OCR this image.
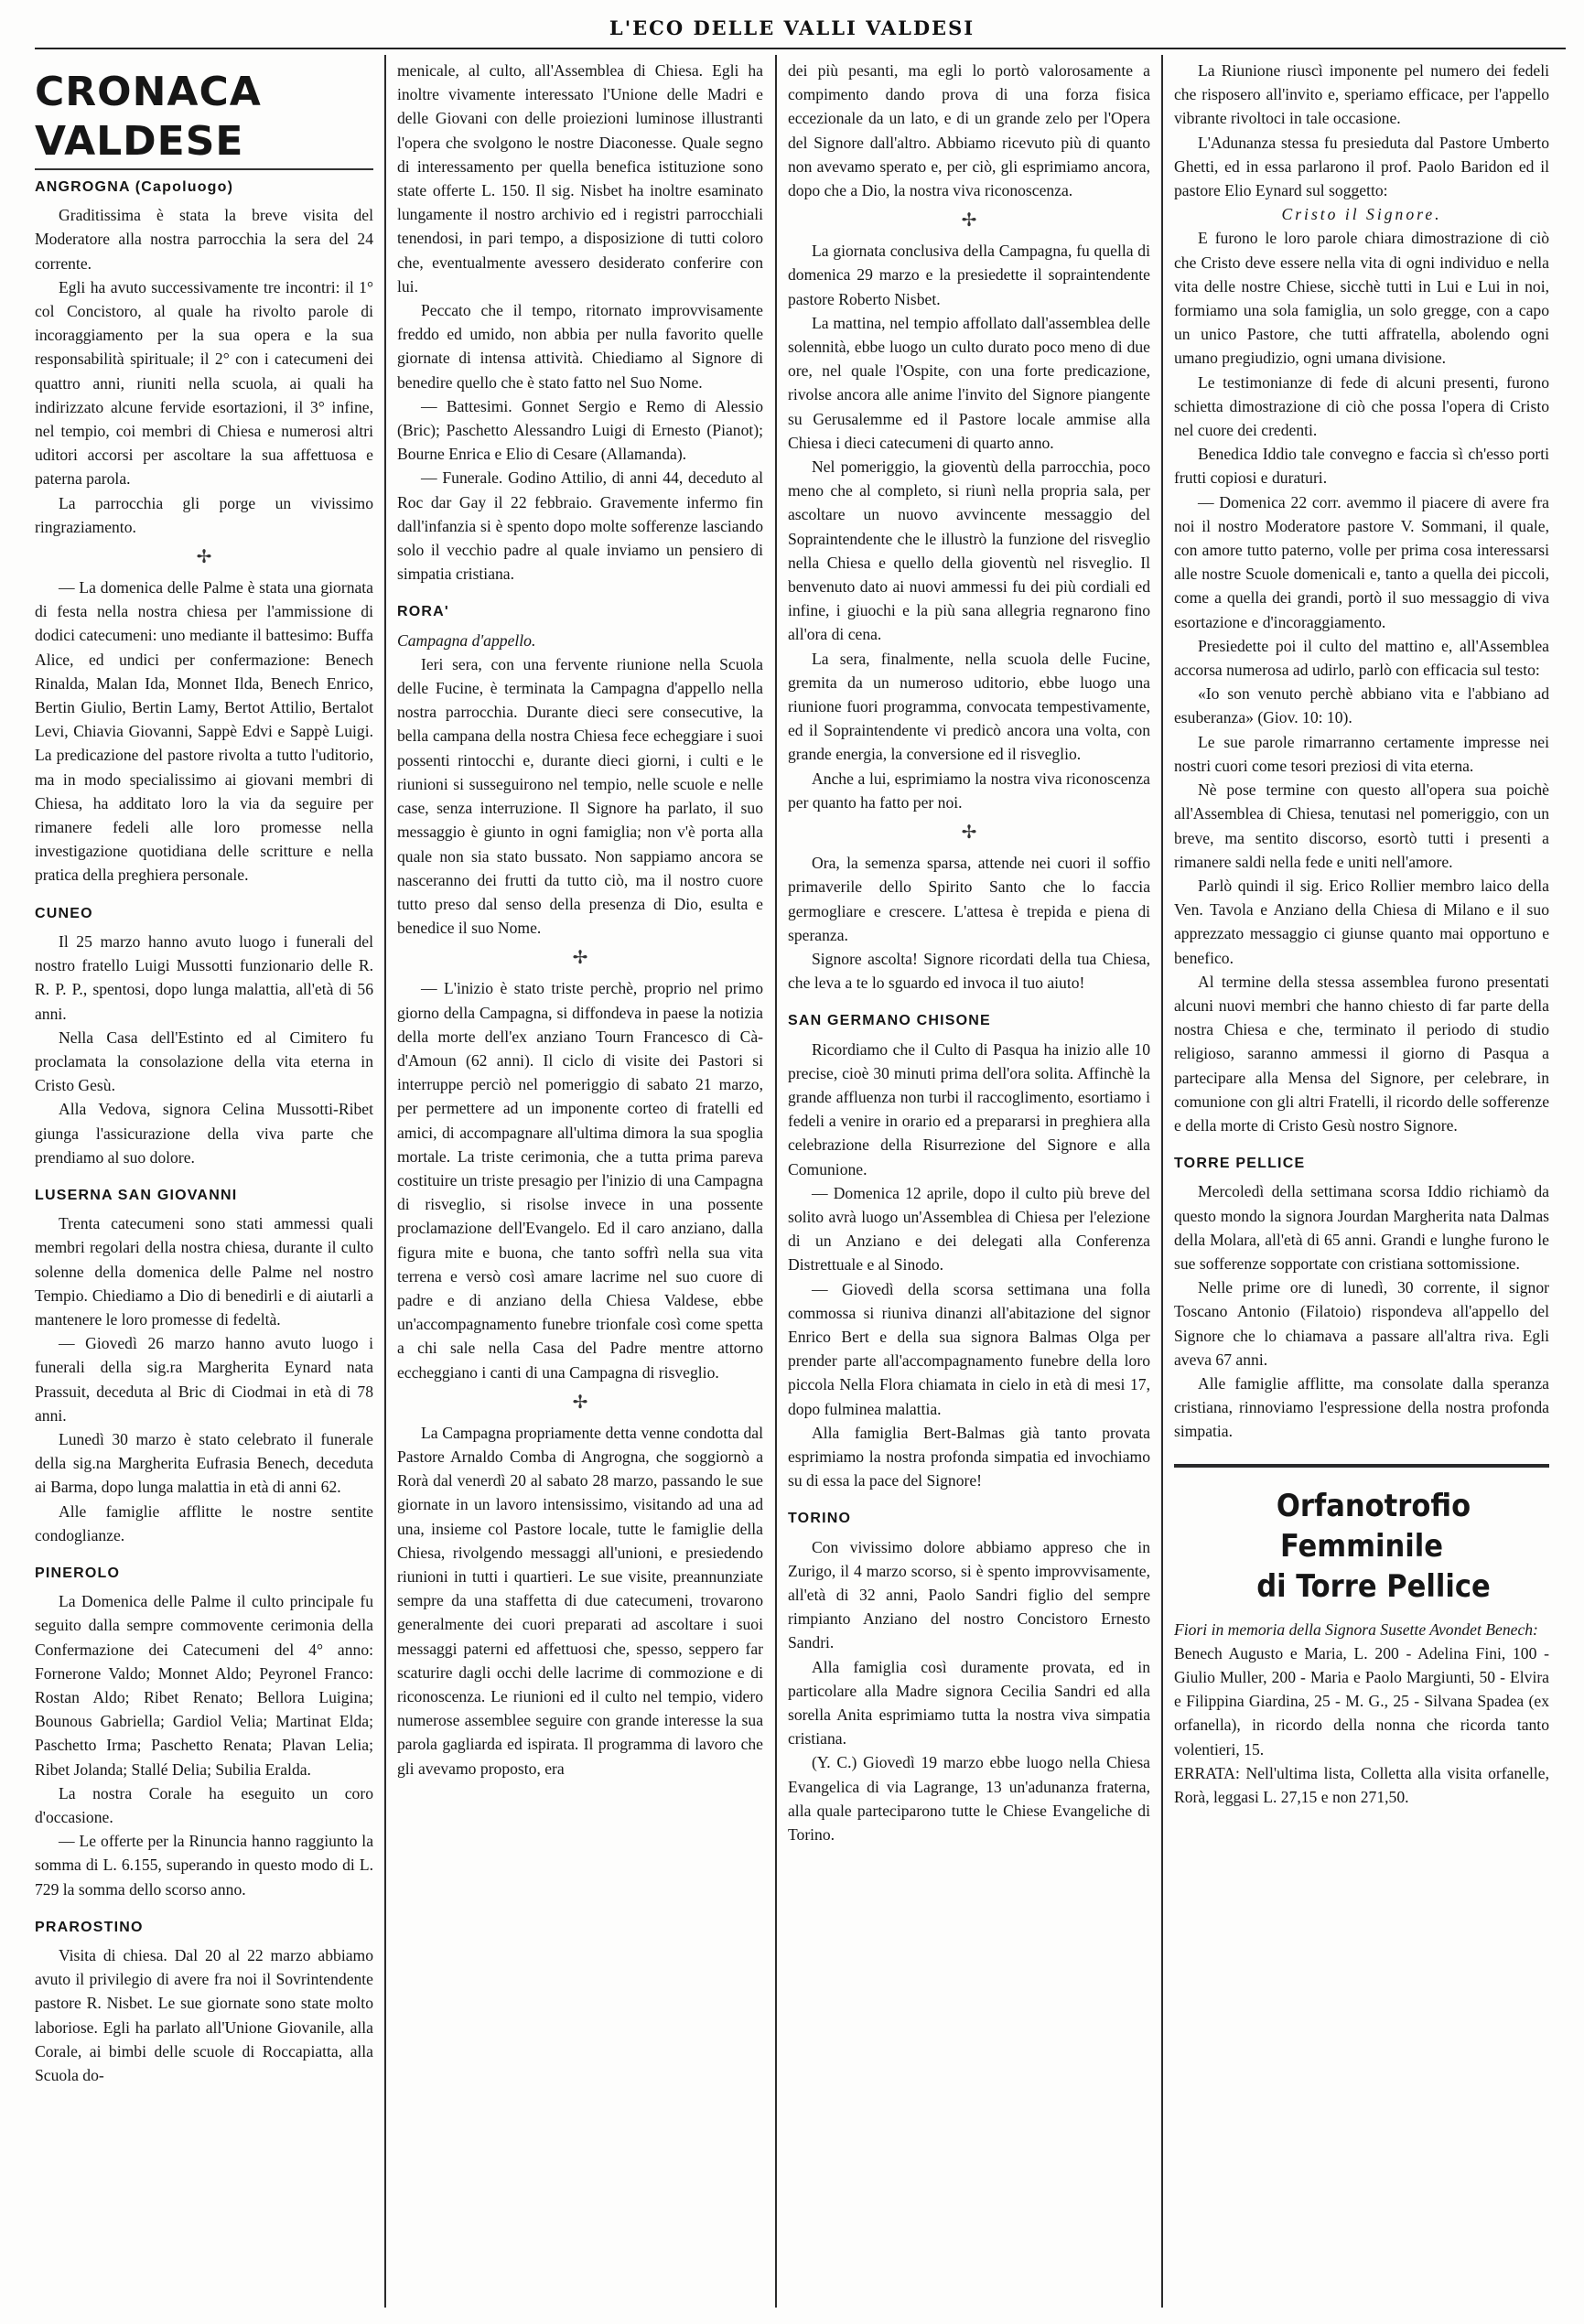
L'ECO DELLE VALLI VALDESI
CRONACA VALDESE
ANGROGNA (Capoluogo)

Graditissima è stata la breve visita del Moderatore alla nostra parrocchia la sera del 24 corrente.

Egli ha avuto successivamente tre incontri: il 1° col Concistoro, al quale ha rivolto parole di incoraggiamento per la sua opera e la sua responsabilità spirituale; il 2° con i catecumeni dei quattro anni, riuniti nella scuola, ai quali ha indirizzato alcune fervide esortazioni, il 3° infine, nel tempio, coi membri di Chiesa e numerosi altri uditori accorsi per ascoltare la sua affettuosa e paterna parola.

La parrocchia gli porge un vivissimo ringraziamento.

✢

— La domenica delle Palme è stata una giornata di festa nella nostra chiesa per l'ammissione di dodici catecumeni: uno mediante il battesimo: Buffa Alice, ed undici per confermazione: Benech Rinalda, Malan Ida, Monnet Ilda, Benech Enrico, Bertin Giulio, Bertin Lamy, Bertot Attilio, Bertalot Levi, Chiavia Giovanni, Sappè Edvi e Sappè Luigi. La predicazione del pastore rivolta a tutto l'uditorio, ma in modo specialissimo ai giovani membri di Chiesa, ha additato loro la via da seguire per rimanere fedeli alle loro promesse nella investigazione quotidiana delle scritture e nella pratica della preghiera personale.

CUNEO

Il 25 marzo hanno avuto luogo i funerali del nostro fratello Luigi Mussotti funzionario delle R. R. P. P., spentosi, dopo lunga malattia, all'età di 56 anni.

Nella Casa dell'Estinto ed al Cimitero fu proclamata la consolazione della vita eterna in Cristo Gesù.

Alla Vedova, signora Celina Mussotti-Ribet giunga l'assicurazione della viva parte che prendiamo al suo dolore.

LUSERNA SAN GIOVANNI

Trenta catecumeni sono stati ammessi quali membri regolari della nostra chiesa, durante il culto solenne della domenica delle Palme nel nostro Tempio. Chiediamo a Dio di benedirli e di aiutarli a mantenere le loro promesse di fedeltà.

— Giovedì 26 marzo hanno avuto luogo i funerali della sig.ra Margherita Eynard nata Prassuit, deceduta al Bric di Ciodmai in età di 78 anni.

Lunedì 30 marzo è stato celebrato il funerale della sig.na Margherita Eufrasia Benech, deceduta ai Barma, dopo lunga malattia in età di anni 62.

Alle famiglie afflitte le nostre sentite condoglianze.

PINEROLO

La Domenica delle Palme il culto principale fu seguito dalla sempre commovente cerimonia della Confermazione dei Catecumeni del 4° anno: Fornerone Valdo; Monnet Aldo; Peyronel Franco: Rostan Aldo; Ribet Renato; Bellora Luigina; Bounous Gabriella; Gardiol Velia; Martinat Elda; Paschetto Irma; Paschetto Renata; Plavan Lelia; Ribet Jolanda; Stallé Delia; Subilia Eralda.

La nostra Corale ha eseguito un coro d'occasione.

— Le offerte per la Rinuncia hanno raggiunto la somma di L. 6.155, superando in questo modo di L. 729 la somma dello scorso anno.

PRAROSTINO

Visita di chiesa. Dal 20 al 22 marzo abbiamo avuto il privilegio di avere fra noi il Sovrintendente pastore R. Nisbet. Le sue giornate sono state molto laboriose. Egli ha parlato all'Unione Giovanile, alla Corale, ai bimbi delle scuole di Roccapiatta, alla Scuola do-

menicale, al culto, all'Assemblea di Chiesa. Egli ha inoltre vivamente interessato l'Unione delle Madri e delle Giovani con delle proiezioni luminose illustranti l'opera che svolgono le nostre Diaconesse. Quale segno di interessamento per quella benefica istituzione sono state offerte L. 150. Il sig. Nisbet ha inoltre esaminato lungamente il nostro archivio ed i registri parrocchiali tenendosi, in pari tempo, a disposizione di tutti coloro che, eventualmente avessero desiderato conferire con lui.

Peccato che il tempo, ritornato improvvisamente freddo ed umido, non abbia per nulla favorito quelle giornate di intensa attività. Chiediamo al Signore di benedire quello che è stato fatto nel Suo Nome.

— Battesimi. Gonnet Sergio e Remo di Alessio (Bric); Paschetto Alessandro Luigi di Ernesto (Pianot); Bourne Enrica e Elio di Cesare (Allamanda).

— Funerale. Godino Attilio, di anni 44, deceduto al Roc dar Gay il 22 febbraio. Gravemente infermo fin dall'infanzia si è spento dopo molte sofferenze lasciando solo il vecchio padre al quale inviamo un pensiero di simpatia cristiana.

RORA'

Campagna d'appello.

Ieri sera, con una fervente riunione nella Scuola delle Fucine, è terminata la Campagna d'appello nella nostra parrocchia. Durante dieci sere consecutive, la bella campana della nostra Chiesa fece echeggiare i suoi possenti rintocchi e, durante dieci giorni, i culti e le riunioni si susseguirono nel tempio, nelle scuole e nelle case, senza interruzione. Il Signore ha parlato, il suo messaggio è giunto in ogni famiglia; non v'è porta alla quale non sia stato bussato. Non sappiamo ancora se nasceranno dei frutti da tutto ciò, ma il nostro cuore tutto preso dal senso della presenza di Dio, esulta e benedice il suo Nome.

✢

— L'inizio è stato triste perchè, proprio nel primo giorno della Campagna, si diffondeva in paese la notizia della morte dell'ex anziano Tourn Francesco di Cà-d'Amoun (62 anni). Il ciclo di visite dei Pastori si interruppe perciò nel pomeriggio di sabato 21 marzo, per permettere ad un imponente corteo di fratelli ed amici, di accompagnare all'ultima dimora la sua spoglia mortale. La triste cerimonia, che a tutta prima pareva costituire un triste presagio per l'inizio di una Campagna di risveglio, si risolse invece in una possente proclamazione dell'Evangelo. Ed il caro anziano, dalla figura mite e buona, che tanto soffrì nella sua vita terrena e versò così amare lacrime nel suo cuore di padre e di anziano della Chiesa Valdese, ebbe un'accompagnamento funebre trionfale così come spetta a chi sale nella Casa del Padre mentre attorno eccheggiano i canti di una Campagna di risveglio.

✢

La Campagna propriamente detta venne condotta dal Pastore Arnaldo Comba di Angrogna, che soggiornò a Rorà dal venerdì 20 al sabato 28 marzo, passando le sue giornate in un lavoro intensissimo, visitando ad una ad una, insieme col Pastore locale, tutte le famiglie della Chiesa, rivolgendo messaggi all'unioni, e presiedendo riunioni in tutti i quartieri. Le sue visite, preannunziate sempre da una staffetta di due catecumeni, trovarono generalmente dei cuori preparati ad ascoltare i suoi messaggi paterni ed affettuosi che, spesso, seppero far scaturire dagli occhi delle lacrime di commozione e di riconoscenza. Le riunioni ed il culto nel tempio, videro numerose assemblee seguire con grande interesse la sua parola gagliarda ed ispirata. Il programma di lavoro che gli avevamo proposto, era

dei più pesanti, ma egli lo portò valorosamente a compimento dando prova di una forza fisica eccezionale da un lato, e di un grande zelo per l'Opera del Signore dall'altro. Abbiamo ricevuto più di quanto non avevamo sperato e, per ciò, gli esprimiamo ancora, dopo che a Dio, la nostra viva riconoscenza.

✢

La giornata conclusiva della Campagna, fu quella di domenica 29 marzo e la presiedette il sopraintendente pastore Roberto Nisbet.

La mattina, nel tempio affollato dall'assemblea delle solennità, ebbe luogo un culto durato poco meno di due ore, nel quale l'Ospite, con una forte predicazione, rivolse ancora alle anime l'invito del Signore piangente su Gerusalemme ed il Pastore locale ammise alla Chiesa i dieci catecumeni di quarto anno.

Nel pomeriggio, la gioventù della parrocchia, poco meno che al completo, si riunì nella propria sala, per ascoltare un nuovo avvincente messaggio del Sopraintendente che le illustrò la funzione del risveglio nella Chiesa e quello della gioventù nel risveglio. Il benvenuto dato ai nuovi ammessi fu dei più cordiali ed infine, i giuochi e la più sana allegria regnarono fino all'ora di cena.

La sera, finalmente, nella scuola delle Fucine, gremita da un numeroso uditorio, ebbe luogo una riunione fuori programma, convocata tempestivamente, ed il Sopraintendente vi predicò ancora una volta, con grande energia, la conversione ed il risveglio.

Anche a lui, esprimiamo la nostra viva riconoscenza per quanto ha fatto per noi.

✢

Ora, la semenza sparsa, attende nei cuori il soffio primaverile dello Spirito Santo che lo faccia germogliare e crescere. L'attesa è trepida e piena di speranza.

Signore ascolta! Signore ricordati della tua Chiesa, che leva a te lo sguardo ed invoca il tuo aiuto!

SAN GERMANO CHISONE

Ricordiamo che il Culto di Pasqua ha inizio alle 10 precise, cioè 30 minuti prima dell'ora solita. Affinchè la grande affluenza non turbi il raccoglimento, esortiamo i fedeli a venire in orario ed a prepararsi in preghiera alla celebrazione della Risurrezione del Signore e alla Comunione.

— Domenica 12 aprile, dopo il culto più breve del solito avrà luogo un'Assemblea di Chiesa per l'elezione di un Anziano e dei delegati alla Conferenza Distrettuale e al Sinodo.

— Giovedì della scorsa settimana una folla commossa si riuniva dinanzi all'abitazione del signor Enrico Bert e della sua signora Balmas Olga per prender parte all'accompagnamento funebre della loro piccola Nella Flora chiamata in cielo in età di mesi 17, dopo fulminea malattia.

Alla famiglia Bert-Balmas già tanto provata esprimiamo la nostra profonda simpatia ed invochiamo su di essa la pace del Signore!

TORINO

Con vivissimo dolore abbiamo appreso che in Zurigo, il 4 marzo scorso, si è spento improvvisamente, all'età di 32 anni, Paolo Sandri figlio del sempre rimpianto Anziano del nostro Concistoro Ernesto Sandri.

Alla famiglia così duramente provata, ed in particolare alla Madre signora Cecilia Sandri ed alla sorella Anita esprimiamo tutta la nostra viva simpatia cristiana.

(Y. C.) Giovedì 19 marzo ebbe luogo nella Chiesa Evangelica di via Lagrange, 13 un'adunanza fraterna, alla quale parteciparono tutte le Chiese Evangeliche di Torino.

La Riunione riuscì imponente pel numero dei fedeli che risposero all'invito e, speriamo efficace, per l'appello vibrante rivoltoci in tale occasione.

L'Adunanza stessa fu presieduta dal Pastore Umberto Ghetti, ed in essa parlarono il prof. Paolo Baridon ed il pastore Elio Eynard sul soggetto:

Cristo il Signore.

E furono le loro parole chiara dimostrazione di ciò che Cristo deve essere nella vita di ogni individuo e nella vita delle nostre Chiese, sicchè tutti in Lui e Lui in noi, formiamo una sola famiglia, un solo gregge, con a capo un unico Pastore, che tutti affratella, abolendo ogni umano pregiudizio, ogni umana divisione.

Le testimonianze di fede di alcuni presenti, furono schietta dimostrazione di ciò che possa l'opera di Cristo nel cuore dei credenti.

Benedica Iddio tale convegno e faccia sì ch'esso porti frutti copiosi e duraturi.

— Domenica 22 corr. avemmo il piacere di avere fra noi il nostro Moderatore pastore V. Sommani, il quale, con amore tutto paterno, volle per prima cosa interessarsi alle nostre Scuole domenicali e, tanto a quella dei piccoli, come a quella dei grandi, portò il suo messaggio di viva esortazione e d'incoraggiamento.

Presiedette poi il culto del mattino e, all'Assemblea accorsa numerosa ad udirlo, parlò con efficacia sul testo:

«Io son venuto perchè abbiano vita e l'abbiano ad esuberanza» (Giov. 10: 10).

Le sue parole rimarranno certamente impresse nei nostri cuori come tesori preziosi di vita eterna.

Nè pose termine con questo all'opera sua poichè all'Assemblea di Chiesa, tenutasi nel pomeriggio, con un breve, ma sentito discorso, esortò tutti i presenti a rimanere saldi nella fede e uniti nell'amore.

Parlò quindi il sig. Erico Rollier membro laico della Ven. Tavola e Anziano della Chiesa di Milano e il suo apprezzato messaggio ci giunse quanto mai opportuno e benefico.

Al termine della stessa assemblea furono presentati alcuni nuovi membri che hanno chiesto di far parte della nostra Chiesa e che, terminato il periodo di studio religioso, saranno ammessi il giorno di Pasqua a partecipare alla Mensa del Signore, per celebrare, in comunione con gli altri Fratelli, il ricordo delle sofferenze e della morte di Cristo Gesù nostro Signore.

TORRE PELLICE

Mercoledì della settimana scorsa Iddio richiamò da questo mondo la signora Jourdan Margherita nata Dalmas della Molara, all'età di 65 anni. Grandi e lunghe furono le sue sofferenze sopportate con cristiana sottomissione.

Nelle prime ore di lunedì, 30 corrente, il signor Toscano Antonio (Filatoio) rispondeva all'appello del Signore che lo chiamava a passare all'altra riva. Egli aveva 67 anni.

Alle famiglie afflitte, ma consolate dalla speranza cristiana, rinnoviamo l'espressione della nostra profonda simpatia.

Orfanotrofio Femminile

di Torre Pellice

Fiori in memoria della Signora Susette Avondet Benech:

Benech Augusto e Maria, L. 200 - Adelina Fini, 100 - Giulio Muller, 200 - Maria e Paolo Margiunti, 50 - Elvira e Filippina Giardina, 25 - M. G., 25 - Silvana Spadea (ex orfanella), in ricordo della nonna che ricorda tanto volentieri, 15.

ERRATA: Nell'ultima lista, Colletta alla visita orfanelle, Rorà, leggasi L. 27,15 e non 271,50.
